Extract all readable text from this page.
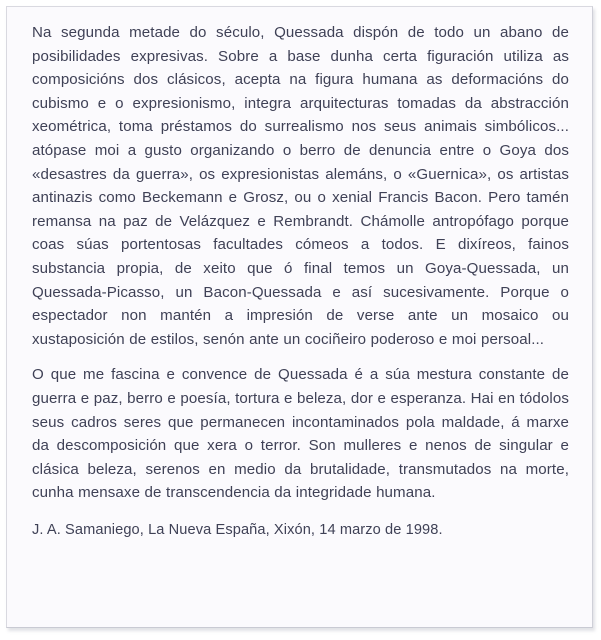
Na segunda metade do século, Quessada dispón de todo un abano de posibilidades expresivas. Sobre a base dunha certa figuración utiliza as composicións dos clásicos, acepta na figura humana as deformacións do cubismo e o expresionismo, integra arquitecturas tomadas da abstracción xeométrica, toma préstamos do surrealismo nos seus animais simbólicos... atópase moi a gusto organizando o berro de denuncia entre o Goya dos «desastres da guerra», os expresionistas alemáns, o «Guernica», os artistas antinazis como Beckemann e Grosz, ou o xenial Francis Bacon. Pero tamén remansa na paz de Velázquez e Rembrandt. Chámolle antropófago porque coas súas portentosas facultades cómeos a todos. E dixíreos, fainos substancia propia, de xeito que ó final temos un Goya-Quessada, un Quessada-Picasso, un Bacon-Quessada e así sucesivamente. Porque o espectador non mantén a impresión de verse ante un mosaico ou xustaposición de estilos, senón ante un cociñeiro poderoso e moi persoal...

O que me fascina e convence de Quessada é a súa mestura constante de guerra e paz, berro e poesía, tortura e beleza, dor e esperanza. Hai en tódolos seus cadros seres que permanecen incontaminados pola maldade, á marxe da descomposición que xera o terror. Son mulleres e nenos de singular e clásica beleza, serenos en medio da brutalidade, transmutados na morte, cunha mensaxe de transcendencia da integridade humana.

J. A. Samaniego, La Nueva España, Xixón, 14 marzo de 1998.
